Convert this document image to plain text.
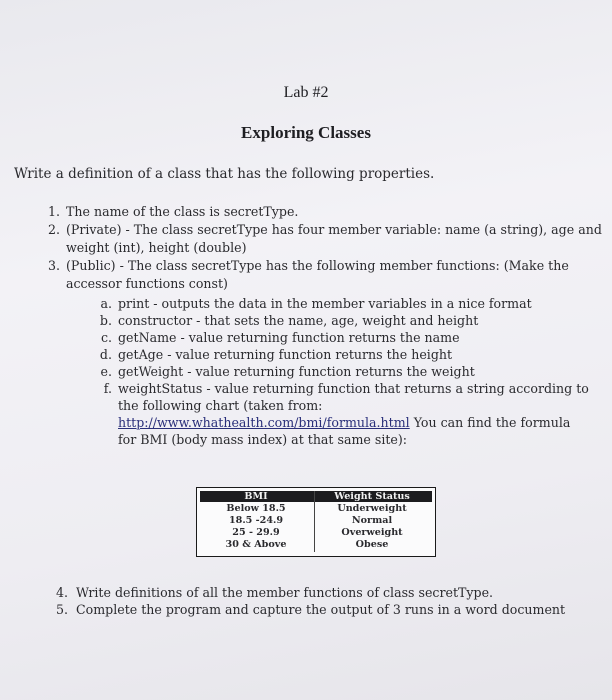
Lab #2
Exploring Classes
Write a definition of a class that has the following properties.
1. The name of the class is secretType.
2. (Private) - The class secretType has four member variable: name (a string), age and
weight (int), height (double)
3. (Public) - The class secretType has the following member functions: (Make the
accessor functions const)
a. print - outputs the data in the member variables in a nice format
b. constructor - that sets the name, age, weight and height
c. getName - value returning function returns the name
d. getAge - value returning function returns the height
e. getWeight - value returning function returns the weight
f. weightStatus - value returning function that returns a string according to
the following chart (taken from:
http://www.whathealth.com/bmi/formula.html You can find the formula
for BMI (body mass index) at that same site):
BMI	Weight Status
Below 18.5	Underweight
18.5 -24.9	Normal
25 - 29.9	Overweight
30 & Above	Obese
4. Write definitions of all the member functions of class secretType.
5. Complete the program and capture the output of 3 runs in a word document
